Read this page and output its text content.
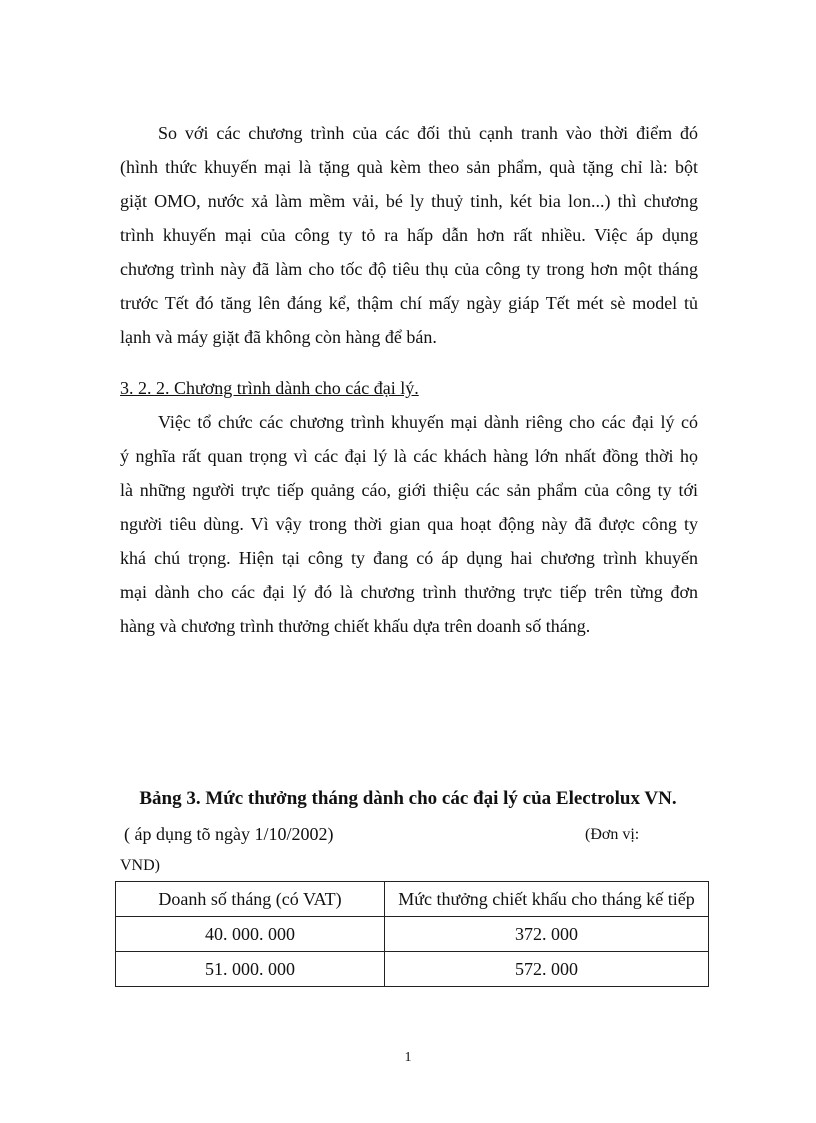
So với các chương trình của các đối thủ cạnh tranh vào thời điểm đó
(hình thức khuyến mại là tặng quà kèm theo sản phẩm, quà tặng chỉ là: bột
giặt OMO, nước xả làm mềm vải, bé ly thuỷ tinh, két bia lon...) thì chương
trình khuyến mại của công ty tỏ ra hấp dẫn hơn rất nhiều. Việc áp dụng
chương trình này đã làm cho tốc độ tiêu thụ của công ty trong hơn một tháng
trước Tết đó tăng lên đáng kể, thậm chí mấy ngày giáp Tết mét sè model tủ
lạnh và máy giặt đã không còn hàng để bán.
3. 2. 2. Chương trình dành cho các đại lý.
Việc tổ chức các chương trình khuyến mại dành riêng cho các đại lý có
ý nghĩa rất quan trọng vì các đại lý là các khách hàng lớn nhất đồng thời họ
là những người trực tiếp quảng cáo, giới thiệu các sản phẩm của công ty tới
người tiêu dùng. Vì vậy trong thời gian qua hoạt động này đã được công ty
khá chú trọng. Hiện tại công ty đang có áp dụng hai chương trình khuyến
mại dành cho các đại lý đó là chương trình thưởng trực tiếp trên từng đơn
hàng và chương trình thưởng chiết khấu dựa trên doanh số tháng.
Bảng 3. Mức thưởng tháng dành cho các đại lý của Electrolux VN.
( áp dụng tõ ngày 1/10/2002)	(Đơn vị:
VND)
Doanh số tháng (có VAT)	Mức thưởng chiết khấu cho tháng kế tiếp
40. 000. 000	372. 000
51. 000. 000	572. 000
1
